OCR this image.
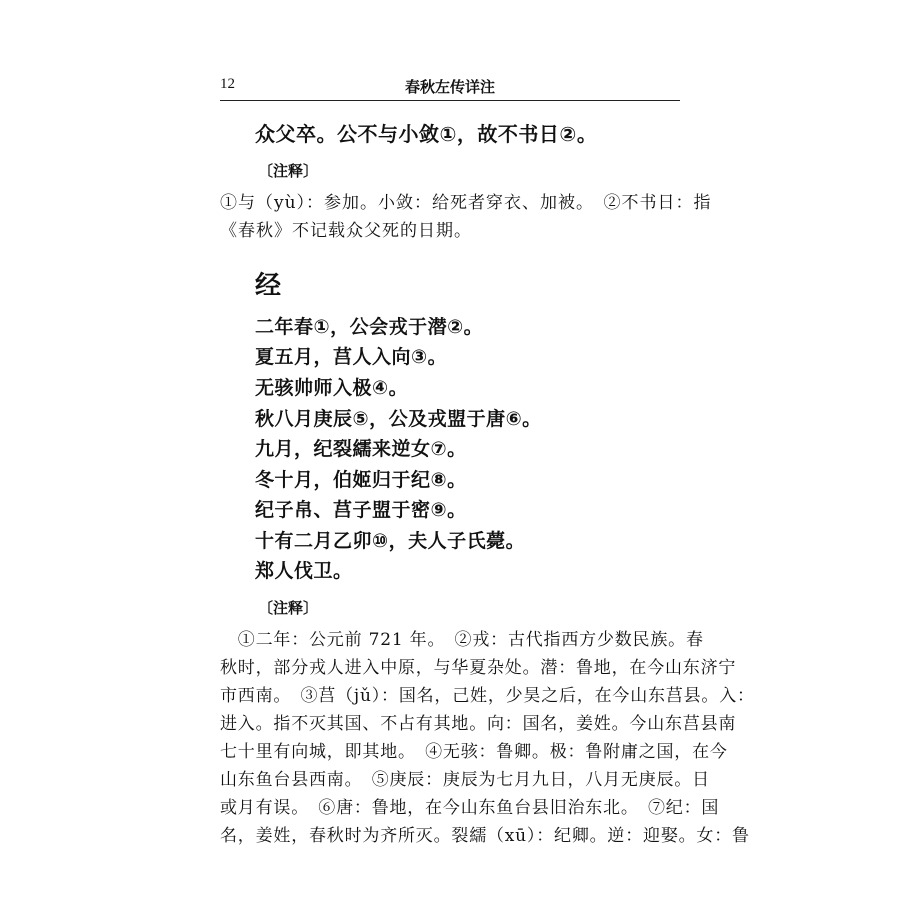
12	春秋左传详注
众父卒。公不与小敛①，故不书日②。
〔注释〕
①与（yù）：参加。小敛：给死者穿衣、加被。　②不书日：指
《春秋》不记载众父死的日期。
经
二年春①，公会戎于潜②。
夏五月，莒人入向③。
无骇帅师入极④。
秋八月庚辰⑤，公及戎盟于唐⑥。
九月，纪裂繻来逆女⑦。
冬十月，伯姬归于纪⑧。
纪子帛、莒子盟于密⑨。
十有二月乙卯⑩，夫人子氏薨。
郑人伐卫。
〔注释〕
　①二年：公元前 721 年。　②戎：古代指西方少数民族。春
秋时，部分戎人进入中原，与华夏杂处。潜：鲁地，在今山东济宁
市西南。　③莒（jǔ）：国名，己姓，少昊之后，在今山东莒县。入：
进入。指不灭其国、不占有其地。向：国名，姜姓。今山东莒县南
七十里有向城，即其地。　④无骇：鲁卿。极：鲁附庸之国，在今
山东鱼台县西南。　⑤庚辰：庚辰为七月九日，八月无庚辰。日
或月有误。　⑥唐：鲁地，在今山东鱼台县旧治东北。　⑦纪：国
名，姜姓，春秋时为齐所灭。裂繻（xū）：纪卿。逆：迎娶。女：鲁
